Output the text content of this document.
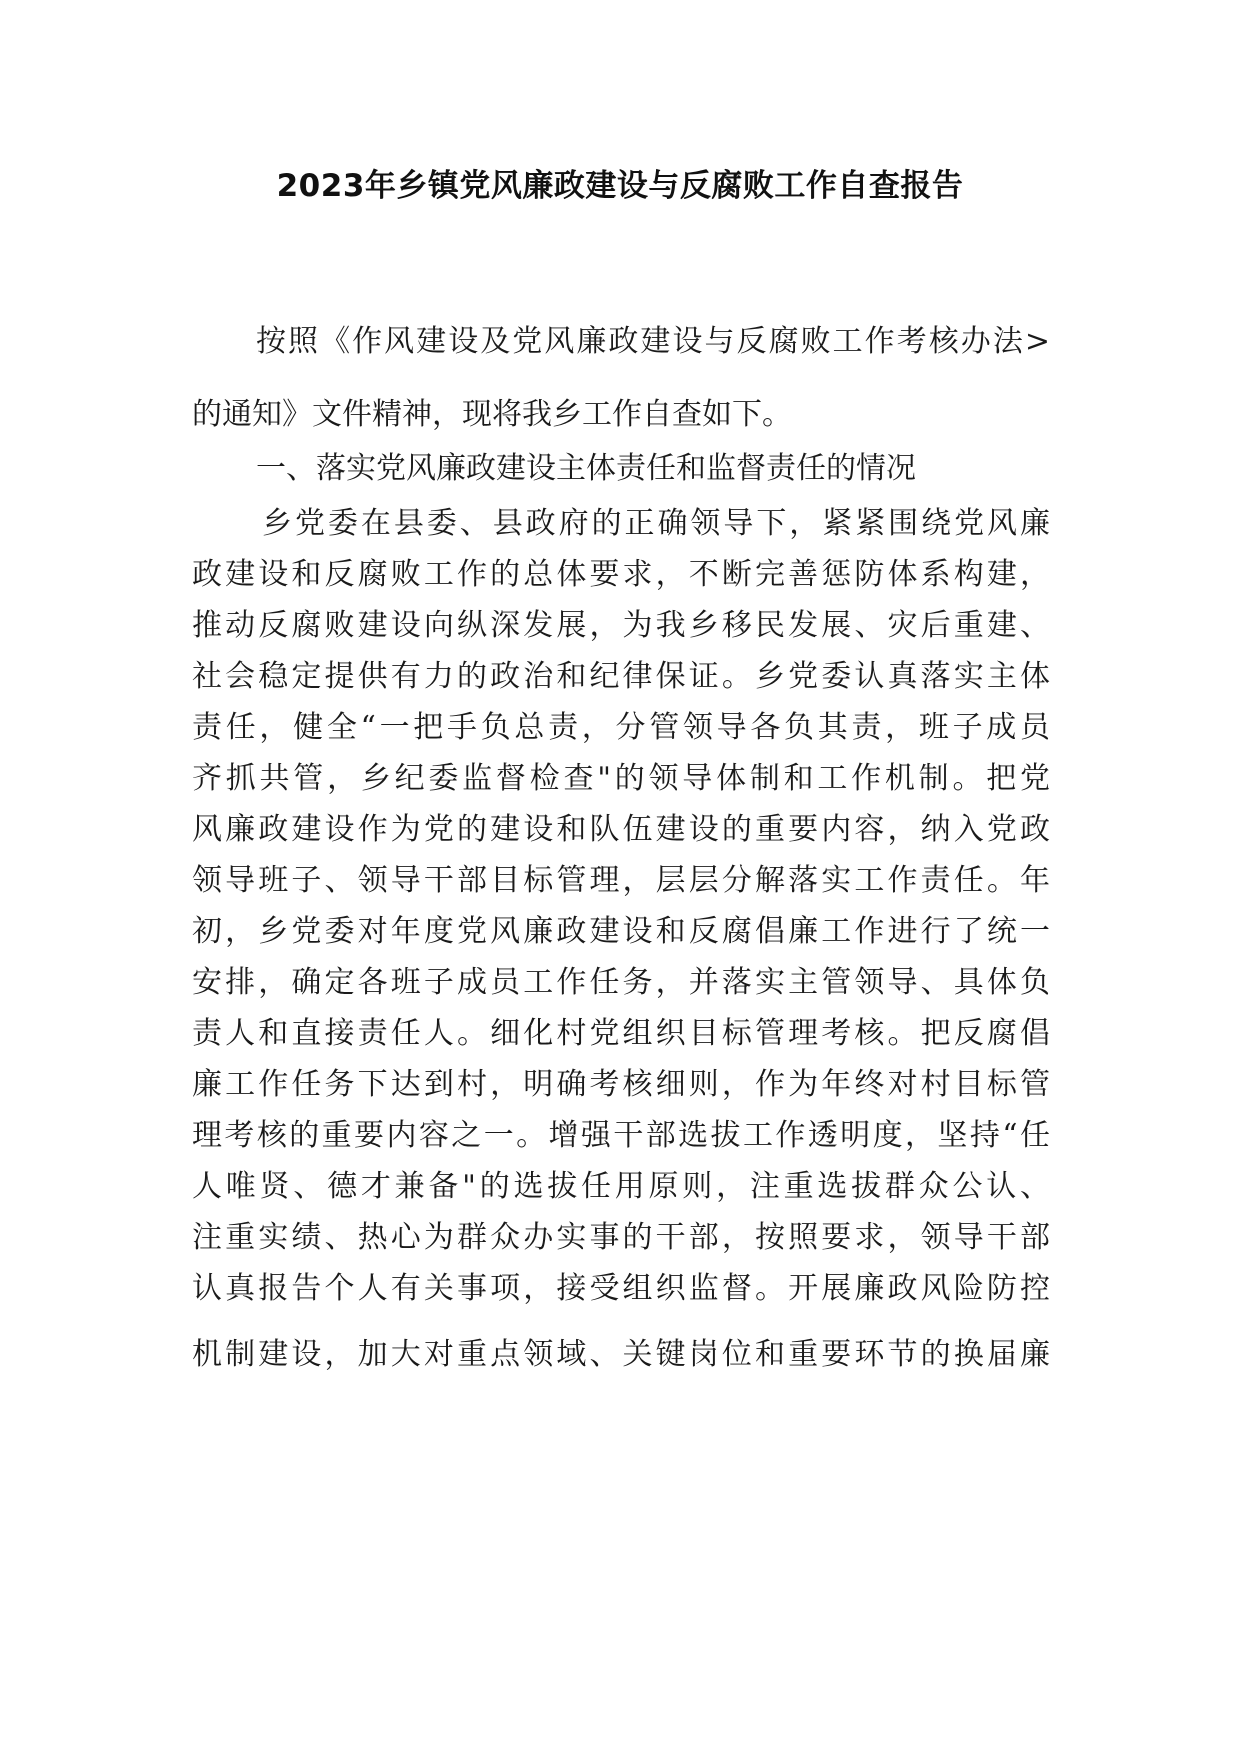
2023年乡镇党风廉政建设与反腐败工作自查报告
按照《作风建设及党风廉政建设与反腐败工作考核办法>
的通知》文件精神，现将我乡工作自查如下。
一、落实党风廉政建设主体责任和监督责任的情况
乡党委在县委、县政府的正确领导下，紧紧围绕党风廉
政建设和反腐败工作的总体要求，不断完善惩防体系构建，
推动反腐败建设向纵深发展，为我乡移民发展、灾后重建、
社会稳定提供有力的政治和纪律保证。乡党委认真落实主体
责任，健全“一把手负总责，分管领导各负其责，班子成员
齐抓共管，乡纪委监督检查"的领导体制和工作机制。把党
风廉政建设作为党的建设和队伍建设的重要内容，纳入党政
领导班子、领导干部目标管理，层层分解落实工作责任。年
初，乡党委对年度党风廉政建设和反腐倡廉工作进行了统一
安排，确定各班子成员工作任务，并落实主管领导、具体负
责人和直接责任人。细化村党组织目标管理考核。把反腐倡
廉工作任务下达到村，明确考核细则，作为年终对村目标管
理考核的重要内容之一。增强干部选拔工作透明度，坚持“任
人唯贤、德才兼备"的选拔任用原则，注重选拔群众公认、
注重实绩、热心为群众办实事的干部，按照要求，领导干部
认真报告个人有关事项，接受组织监督。开展廉政风险防控
机制建设，加大对重点领域、关键岗位和重要环节的换届廉
